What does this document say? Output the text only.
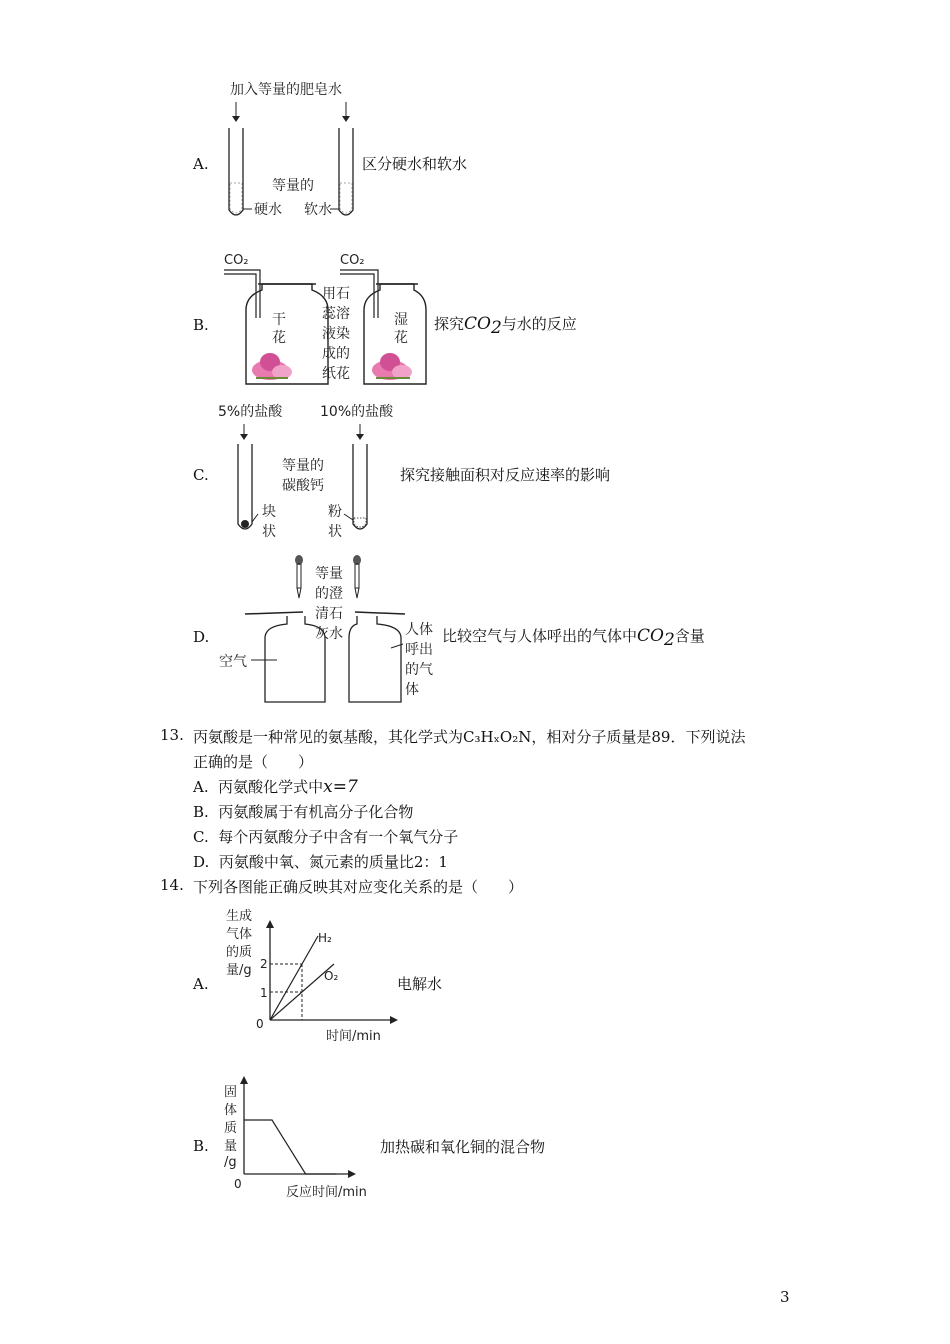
A.
加入等量的肥皂水
等量的
硬水 软水
区分硬水和软水
B.
CO₂	CO₂
干
花
湿
花
用石
蕊溶
液染
成的
纸花
探究$CO_2$与水的反应
C.
5%的盐酸	10%的盐酸
等量的
碳酸钙
块
状
粉
状
探究接触面积对反应速率的影响
D.
等量
的澄
清石
灰水
空气
人体
呼出
的气
体
比较空气与人体呼出的气体中$CO_2$含量
13. 丙氨酸是一种常见的氨基酸，其化学式为C₃HₓO₂N，相对分子质量是89．下列说法
正确的是（　　）
A. 丙氨酸化学式中x=7
B. 丙氨酸属于有机高分子化合物
C. 每个丙氨酸分子中含有一个氧气分子
D. 丙氨酸中氧、氮元素的质量比2：1
14. 下列各图能正确反映其对应变化关系的是（　　）
A.
生成
气体
的质
量/g
0
2
1
H₂
O₂
时间/min
电解水
B.
固
体
质
量
/g
0
反应时间/min
加热碳和氧化铜的混合物
3
